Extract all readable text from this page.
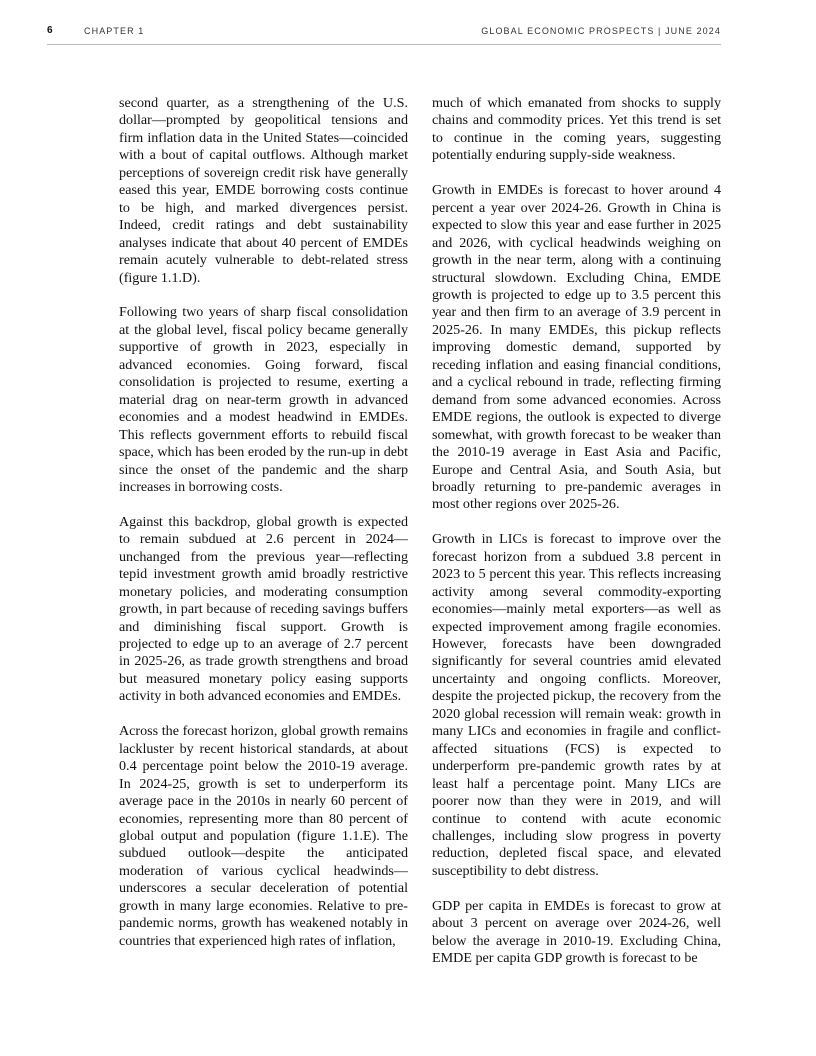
6	CHAPTER 1	GLOBAL ECONOMIC PROSPECTS | JUNE 2024

second quarter, as a strengthening of the U.S. dollar—prompted by geopolitical tensions and firm inflation data in the United States—coincided with a bout of capital outflows. Although market perceptions of sovereign credit risk have generally eased this year, EMDE borrowing costs continue to be high, and marked divergences persist. Indeed, credit ratings and debt sustainability analyses indicate that about 40 percent of EMDEs remain acutely vulnerable to debt-related stress (figure 1.1.D).

Following two years of sharp fiscal consolidation at the global level, fiscal policy became generally supportive of growth in 2023, especially in advanced economies. Going forward, fiscal consolidation is projected to resume, exerting a material drag on near-term growth in advanced economies and a modest headwind in EMDEs. This reflects government efforts to rebuild fiscal space, which has been eroded by the run-up in debt since the onset of the pandemic and the sharp increases in borrowing costs.

Against this backdrop, global growth is expected to remain subdued at 2.6 percent in 2024—unchanged from the previous year—reflecting tepid investment growth amid broadly restrictive monetary policies, and moderating consumption growth, in part because of receding savings buffers and diminishing fiscal support. Growth is projected to edge up to an average of 2.7 percent in 2025-26, as trade growth strengthens and broad but measured monetary policy easing supports activity in both advanced economies and EMDEs.

Across the forecast horizon, global growth remains lackluster by recent historical standards, at about 0.4 percentage point below the 2010-19 average. In 2024-25, growth is set to underperform its average pace in the 2010s in nearly 60 percent of economies, representing more than 80 percent of global output and population (figure 1.1.E). The subdued outlook—despite the anticipated moderation of various cyclical headwinds—underscores a secular deceleration of potential growth in many large economies. Relative to pre-pandemic norms, growth has weakened notably in countries that experienced high rates of inflation,

much of which emanated from shocks to supply chains and commodity prices. Yet this trend is set to continue in the coming years, suggesting potentially enduring supply-side weakness.

Growth in EMDEs is forecast to hover around 4 percent a year over 2024-26. Growth in China is expected to slow this year and ease further in 2025 and 2026, with cyclical headwinds weighing on growth in the near term, along with a continuing structural slowdown. Excluding China, EMDE growth is projected to edge up to 3.5 percent this year and then firm to an average of 3.9 percent in 2025-26. In many EMDEs, this pickup reflects improving domestic demand, supported by receding inflation and easing financial conditions, and a cyclical rebound in trade, reflecting firming demand from some advanced economies. Across EMDE regions, the outlook is expected to diverge somewhat, with growth forecast to be weaker than the 2010-19 average in East Asia and Pacific, Europe and Central Asia, and South Asia, but broadly returning to pre-pandemic averages in most other regions over 2025-26.

Growth in LICs is forecast to improve over the forecast horizon from a subdued 3.8 percent in 2023 to 5 percent this year. This reflects increasing activity among several commodity-exporting economies—mainly metal exporters—as well as expected improvement among fragile economies. However, forecasts have been downgraded significantly for several countries amid elevated uncertainty and ongoing conflicts. Moreover, despite the projected pickup, the recovery from the 2020 global recession will remain weak: growth in many LICs and economies in fragile and conflict-affected situations (FCS) is expected to underperform pre-pandemic growth rates by at least half a percentage point. Many LICs are poorer now than they were in 2019, and will continue to contend with acute economic challenges, including slow progress in poverty reduction, depleted fiscal space, and elevated susceptibility to debt distress.

GDP per capita in EMDEs is forecast to grow at about 3 percent on average over 2024-26, well below the average in 2010-19. Excluding China, EMDE per capita GDP growth is forecast to be
